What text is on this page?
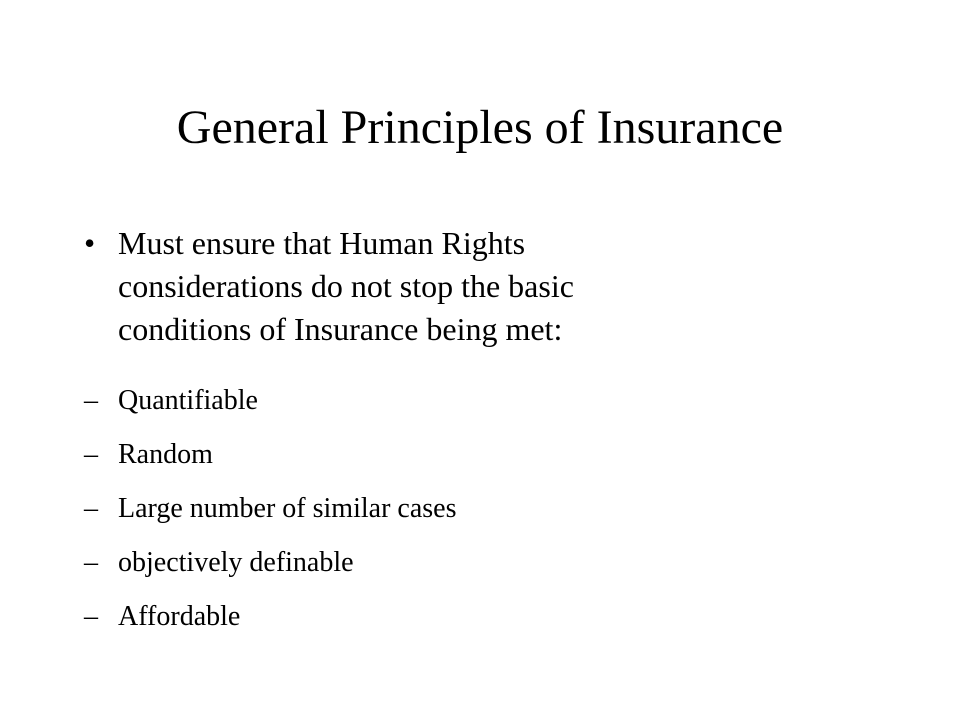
General Principles of Insurance
• Must ensure that Human Rights
considerations do not stop the basic
conditions of Insurance being met:
– Quantifiable
– Random
– Large number of similar cases
– objectively definable
– Affordable
